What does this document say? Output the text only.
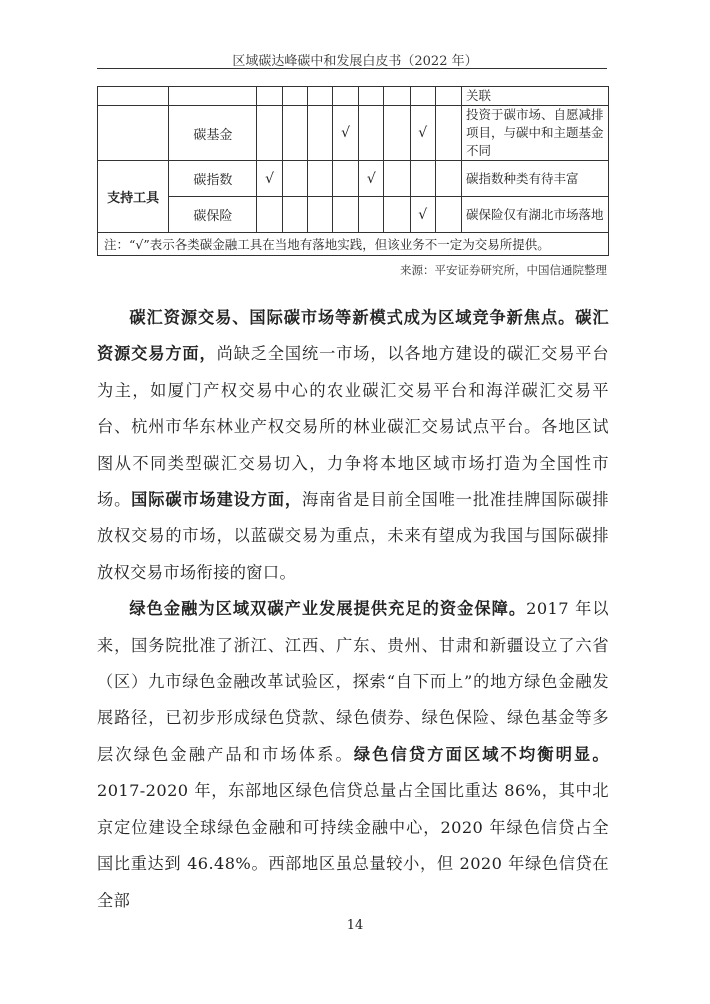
区域碳达峰碳中和发展白皮书（2022 年）
										关联
	碳基金				√			√		投资于碳市场、自愿减排项目，与碳中和主题基金不同
支持工具	碳指数	√				√				碳指数种类有待丰富
	碳保险							√		碳保险仅有湖北市场落地
注：“√”表示各类碳金融工具在当地有落地实践，但该业务不一定为交易所提供。										
来源：平安证券研究所，中国信通院整理

碳汇资源交易、国际碳市场等新模式成为区域竞争新焦点。碳汇资源交易方面，尚缺乏全国统一市场，以各地方建设的碳汇交易平台为主，如厦门产权交易中心的农业碳汇交易平台和海洋碳汇交易平台、杭州市华东林业产权交易所的林业碳汇交易试点平台。各地区试图从不同类型碳汇交易切入，力争将本地区域市场打造为全国性市场。国际碳市场建设方面，海南省是目前全国唯一批准挂牌国际碳排放权交易的市场，以蓝碳交易为重点，未来有望成为我国与国际碳排放权交易市场衔接的窗口。

绿色金融为区域双碳产业发展提供充足的资金保障。2017 年以来，国务院批准了浙江、江西、广东、贵州、甘肃和新疆设立了六省（区）九市绿色金融改革试验区，探索“自下而上”的地方绿色金融发展路径，已初步形成绿色贷款、绿色债券、绿色保险、绿色基金等多层次绿色金融产品和市场体系。绿色信贷方面区域不均衡明显。2017-2020 年，东部地区绿色信贷总量占全国比重达 86%，其中北京定位建设全球绿色金融和可持续金融中心，2020 年绿色信贷占全国比重达到 46.48%。西部地区虽总量较小，但 2020 年绿色信贷在全部

14
